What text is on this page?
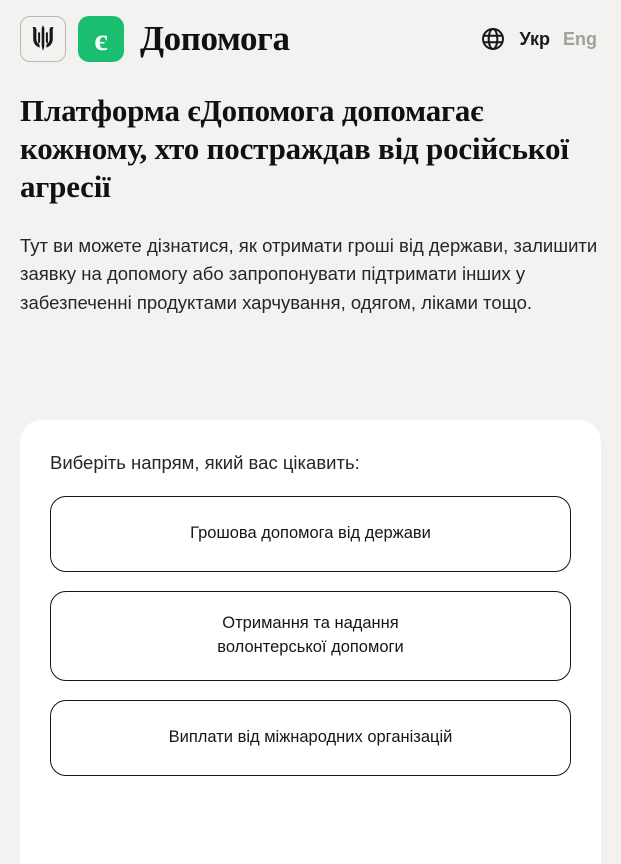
є Допомога	Укр Eng
Платформа єДопомога допомагає кожному, хто постраждав від російської агресії

Тут ви можете дізнатися, як отримати гроші від держави, залишити заявку на допомогу або запропонувати підтримати інших у забезпеченні продуктами харчування, одягом, ліками тощо.

Виберіть напрям, який вас цікавить:
Грошова допомога від держави
Отримання та надання
волонтерської допомоги
Виплати від міжнародних організацій
